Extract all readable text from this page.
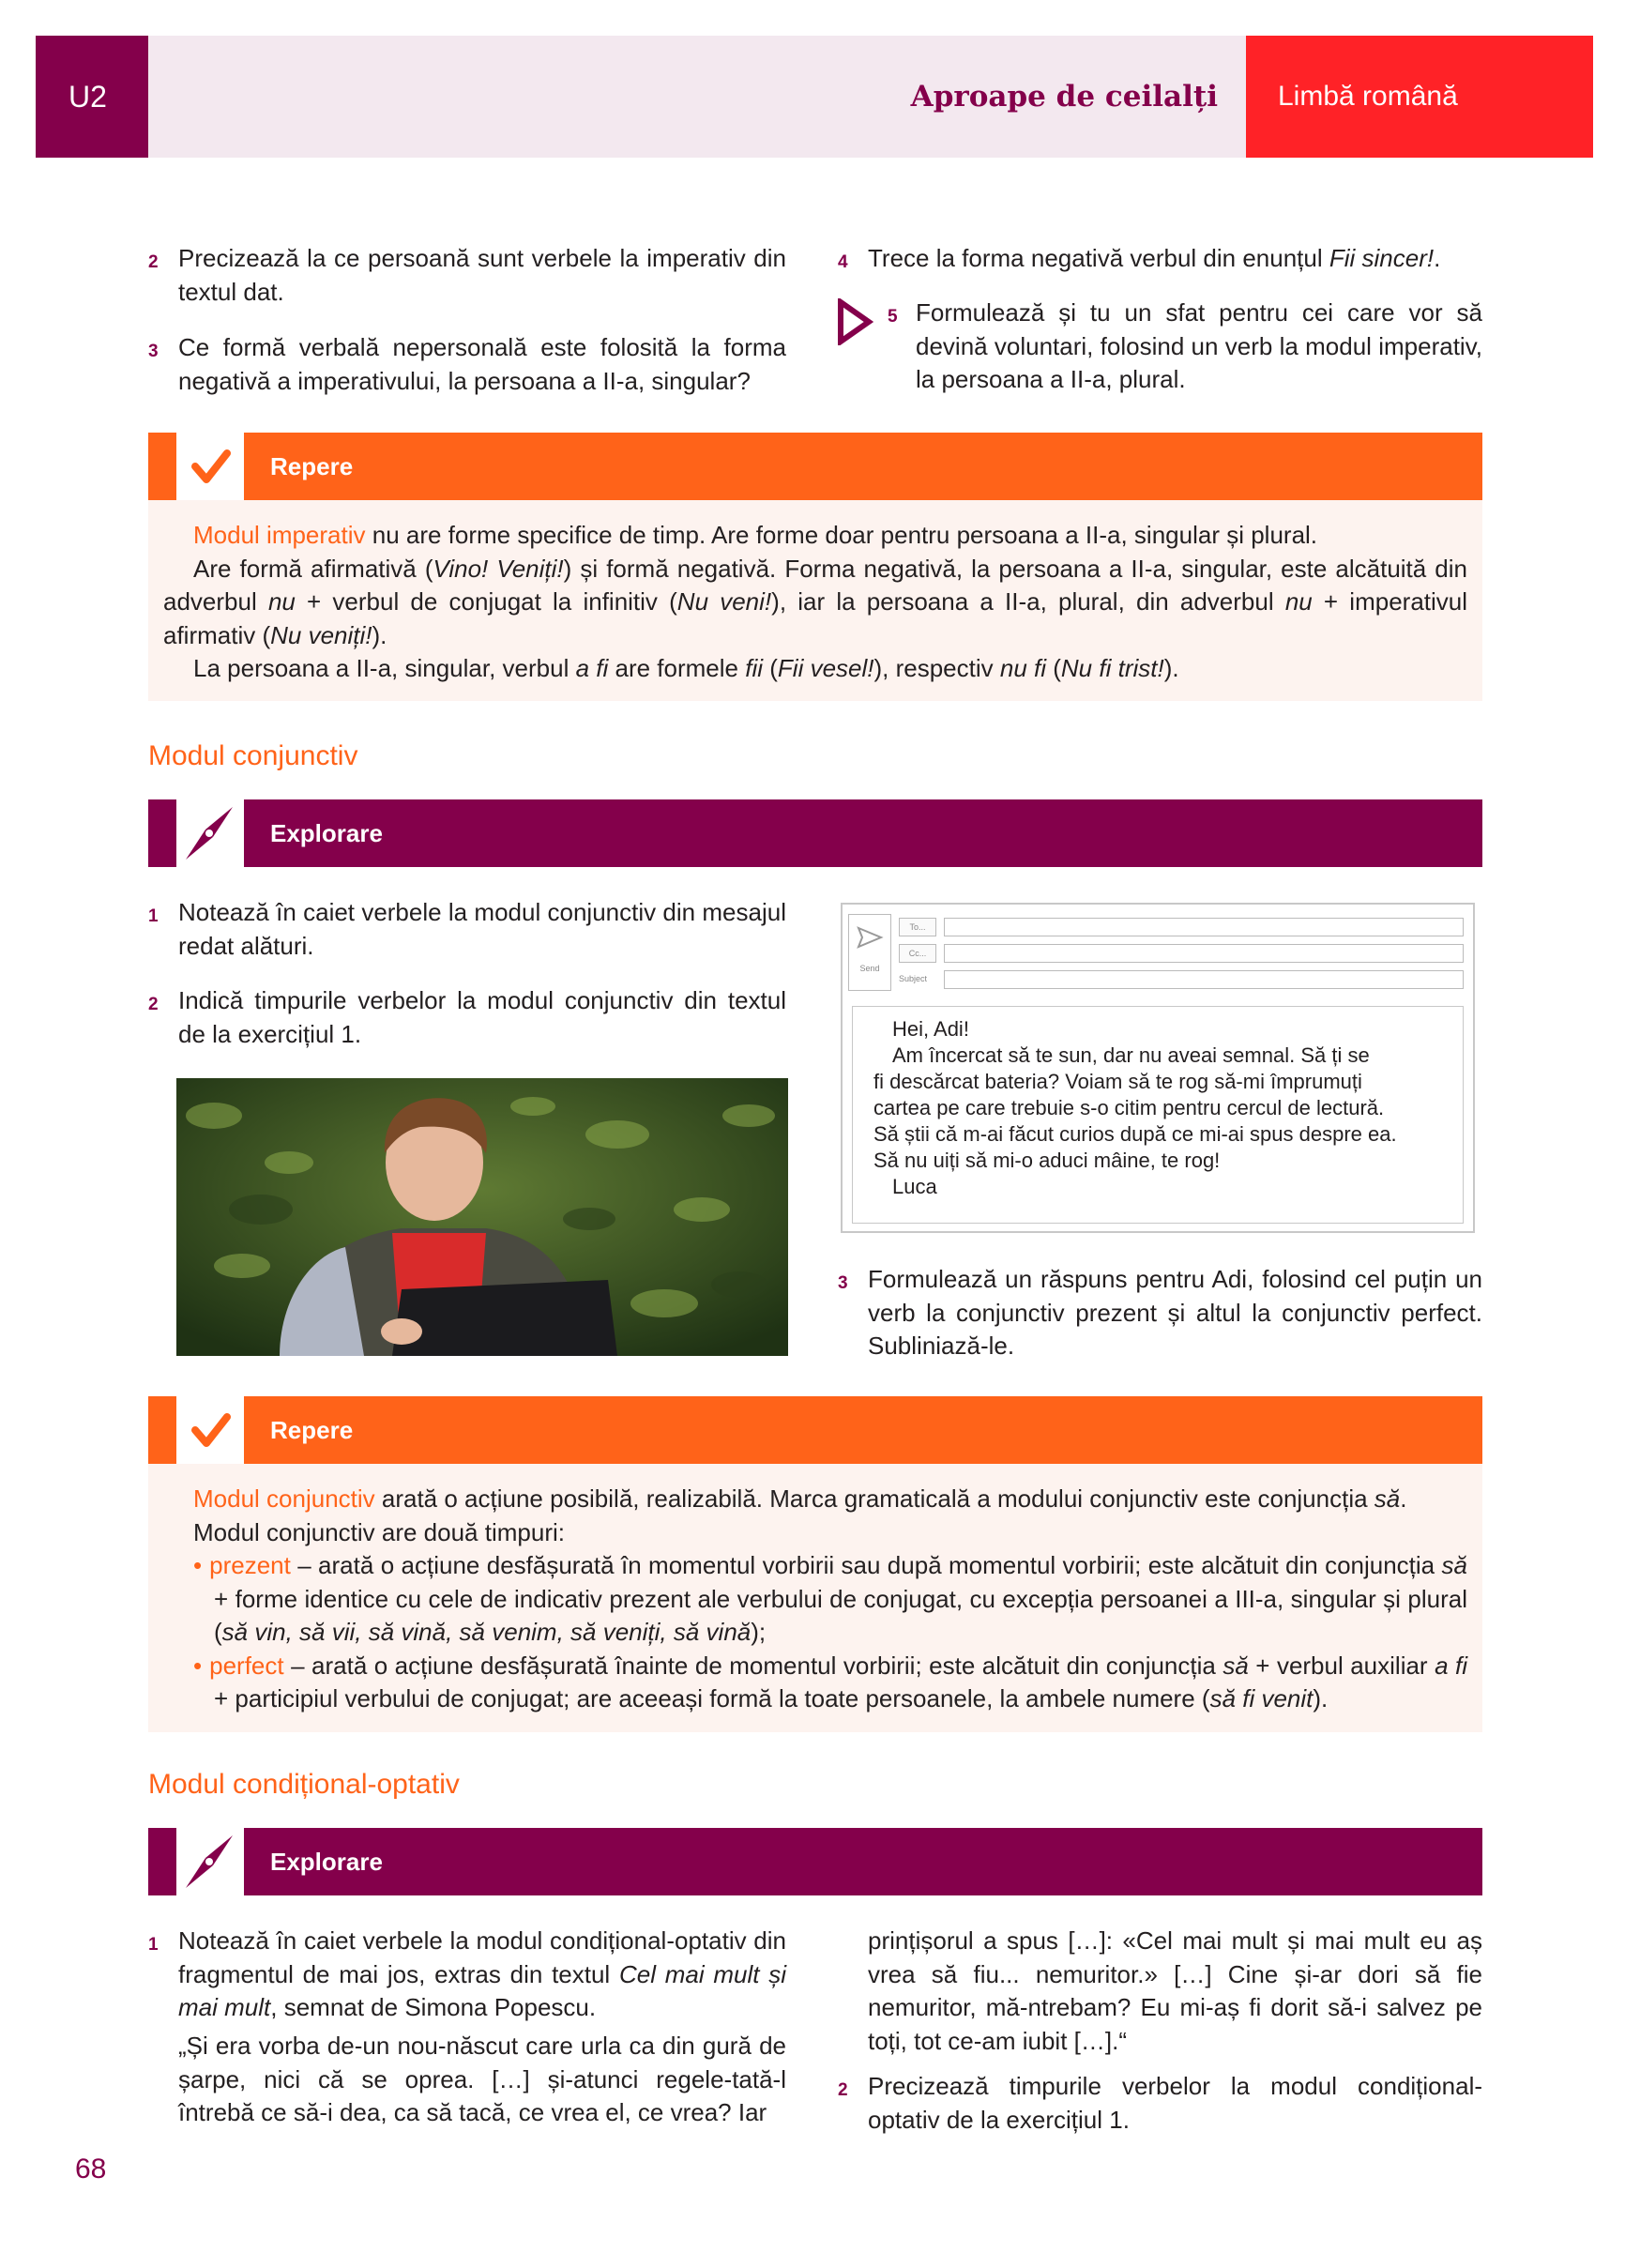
U2	Aproape de ceilalți	Limbă română
2 Precizează la ce persoană sunt verbele la imperativ din textul dat.
3 Ce formă verbală nepersonală este folosită la forma negativă a imperativului, la persoana a II-a, singular?
4 Trece la forma negativă verbul din enunțul Fii sincer!.
5 Formulează și tu un sfat pentru cei care vor să devină voluntari, folosind un verb la modul imperativ, la persoana a II-a, plural.
Repere
Modul imperativ nu are forme specifice de timp. Are forme doar pentru persoana a II-a, singular și plural.
Are formă afirmativă (Vino! Veniți!) și formă negativă. Forma negativă, la persoana a II-a, singular, este alcătuită din adverbul nu + verbul de conjugat la infinitiv (Nu veni!), iar la persoana a II-a, plural, din adverbul nu + imperativul afirmativ (Nu veniți!).
La persoana a II-a, singular, verbul a fi are formele fii (Fii vesel!), respectiv nu fi (Nu fi trist!).
Modul conjunctiv
Explorare
1 Notează în caiet verbele la modul conjunctiv din mesajul redat alături.
2 Indică timpurile verbelor la modul conjunctiv din textul de la exercițiul 1.
Send
To...
Cc...
Subject
Hei, Adi!
Am încercat să te sun, dar nu aveai semnal. Să ți se
fi descărcat bateria? Voiam să te rog să-mi împrumuți
cartea pe care trebuie s-o citim pentru cercul de lectură.
Să știi că m-ai făcut curios după ce mi-ai spus despre ea.
Să nu uiți să mi-o aduci mâine, te rog!
Luca
3 Formulează un răspuns pentru Adi, folosind cel puțin un verb la conjunctiv prezent și altul la conjunctiv perfect. Subliniază-le.
Repere
Modul conjunctiv arată o acțiune posibilă, realizabilă. Marca gramaticală a modului conjunctiv este conjuncția să.
Modul conjunctiv are două timpuri:
• prezent – arată o acțiune desfășurată în momentul vorbirii sau după momentul vorbirii; este alcătuit din conjuncția să + forme identice cu cele de indicativ prezent ale verbului de conjugat, cu excepția persoanei a III-a, singular și plural (să vin, să vii, să vină, să venim, să veniți, să vină);
• perfect – arată o acțiune desfășurată înainte de momentul vorbirii; este alcătuit din conjuncția să + verbul auxiliar a fi + participiul verbului de conjugat; are aceeași formă la toate persoanele, la ambele numere (să fi venit).
Modul condițional-optativ
Explorare
1 Notează în caiet verbele la modul condițional-optativ din fragmentul de mai jos, extras din textul Cel mai mult și mai mult, semnat de Simona Popescu.
„Și era vorba de-un nou-născut care urla ca din gură de șarpe, nici că se oprea. […] și-atunci regele-tată-l întrebă ce să-i dea, ca să tacă, ce vrea el, ce vrea? Iar
prințișorul a spus […]: «Cel mai mult și mai mult eu aș vrea să fiu... nemuritor.» […] Cine și-ar dori să fie nemuritor, mă-ntrebam? Eu mi-aș fi dorit să-i salvez pe toți, tot ce-am iubit […].“
2 Precizează timpurile verbelor la modul condițional-optativ de la exercițiul 1.
68
